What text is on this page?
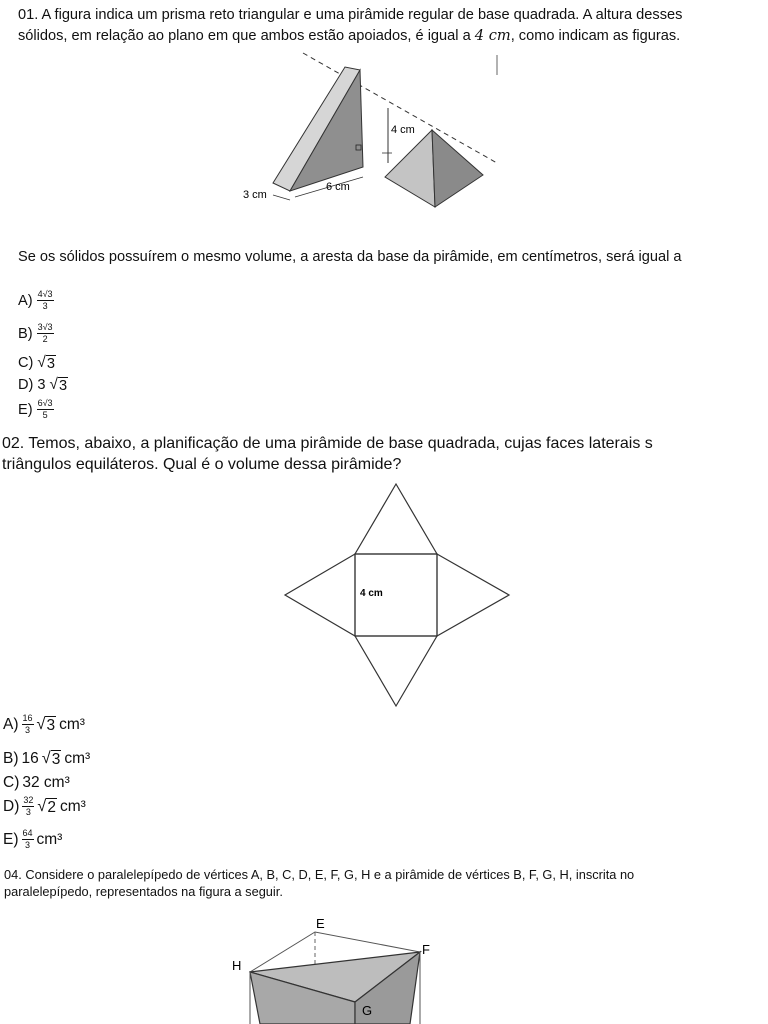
01. A figura indica um prisma reto triangular e uma pirâmide regular de base quadrada. A altura desses sólidos, em relação ao plano em que ambos estão apoiados, é igual a 4 cm, como indicam as figuras.
3 cm
6 cm
4 cm
Se os sólidos possuírem o mesmo volume, a aresta da base da pirâmide, em centímetros, será igual a
$A) \frac{4√3}{3}$
$B) \frac{3√3}{2}$
C) √ 3
D) 3 √ 3
$E) \frac{6√3}{5}$
02. Temos, abaixo, a planificação de uma pirâmide de base quadrada, cujas faces laterais s
triângulos equiláteros. Qual é o volume dessa pirâmide?
4 cm
$A) \frac{16}{3}$ √ 3 cm³
B) 16 √ 3 cm³
C) 32 cm³
$D) \frac{32}{3}$ √ 2 cm³
$E) \frac{64}{3} cm^3$
04. Considere o paralelepípedo de vértices A, B, C, D, E, F, G, H e a pirâmide de vértices B, F, G, H, inscrita no paralelepípedo, representados na figura a seguir.
E
F
H
G
